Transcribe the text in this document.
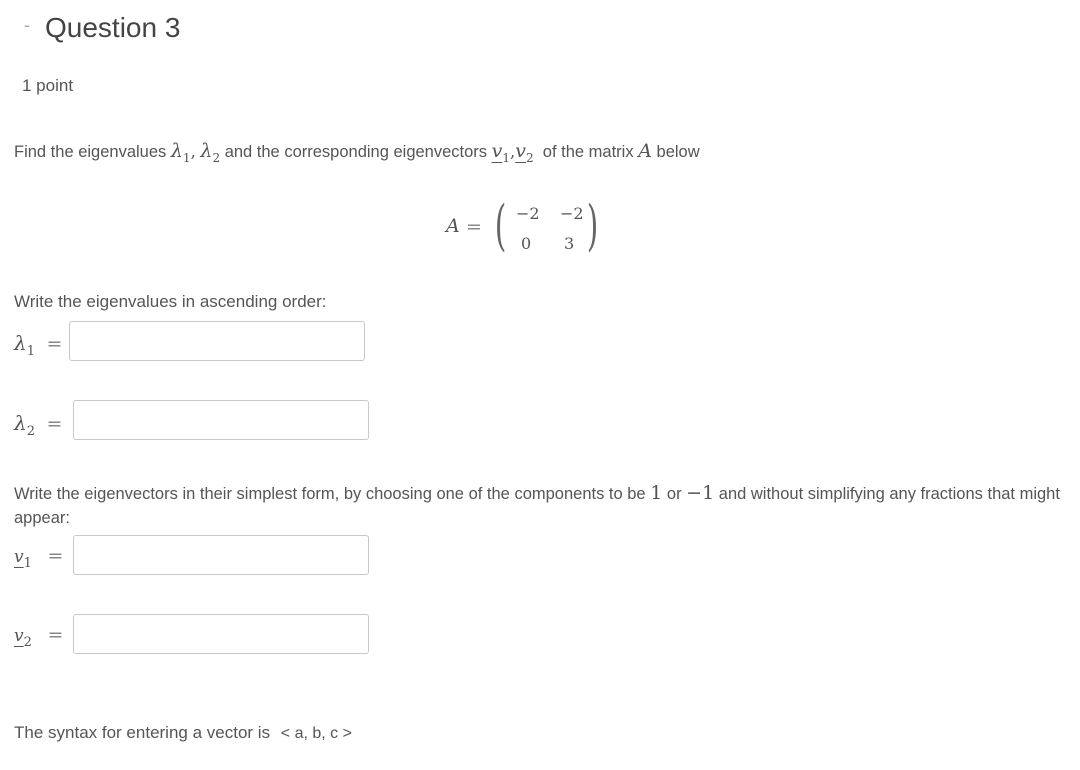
- Question 3
1 point
Find the eigenvalues $\lambda_1$, $\lambda_2$ and the corresponding eigenvectors $v_1,v_2$ of the matrix A below
A = ( −2 −2
0 3 )
Write the eigenvalues in ascending order:
$\lambda_1$ =
$\lambda_2$ =
Write the eigenvectors in their simplest form, by choosing one of the components to be 1 or −1 and without simplifying any fractions that might appear:
$v_1$ =
$v_2$ =
The syntax for entering a vector is < a, b, c >
